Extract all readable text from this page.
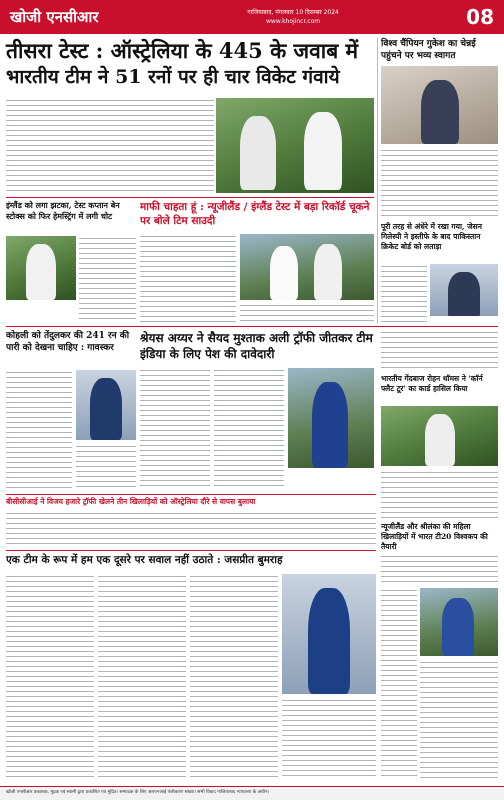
खोजी एनसीआर	गाजियाबाद, मंगलवार 10 दिसम्बर 2024
www.khojincr.com	08
तीसरा टेस्ट : ऑस्ट्रेलिया के 445 के जवाब में
भारतीय टीम ने 51 रनों पर ही चार विकेट गंवाये
विश्व चैंपियन गुकेश का चेन्नई पहुंचने पर भव्य स्वागत
पूरी तरह से अंधेरे में रखा गया, जेसन गिलेस्पी ने इस्तीफे के बाद पाकिस्तान क्रिकेट बोर्ड को लताड़ा
इंग्लैंड को लगा झटका, टेस्ट कप्तान बेन स्टोक्स को फिर हेमस्ट्रिंग में लगी चोट
माफी चाहता हूं : न्यूजीलैंड / इंग्लैंड टेस्ट में बड़ा रिकॉर्ड चूकने पर बोले टिम साउदी
कोहली को तेंदुलकर की 241 रन की पारी को देखना चाहिए : गावस्कर
श्रेयस अय्यर ने सैयद मुश्ताक अली ट्रॉफी जीतकर टीम इंडिया के लिए पेश की दावेदारी
भारतीय गेंदबाज रोहन थॉमस ने 'कॉर्न फ्लैट टूर' का कार्ड हासिल किया
बीसीसीआई ने विजय हजारे ट्रॉफी खेलने तीन खिलाड़ियों को ऑस्ट्रेलिया दौरे से वापस बुलाया
न्यूजीलैंड और श्रीलंका की महिला खिलाड़ियों में भारत टी20 विश्वकप की तैयारी
एक टीम के रूप में हम एक दूसरे पर सवाल नहीं उठाते : जसप्रीत बुमराह
खोजी एनसीआर प्रकाशक, मुद्रक एवं स्वामी द्वारा प्रकाशित एवं मुद्रित। सम्पादक के लिए आरएनआई पंजीकरण संख्या। सभी विवाद गाजियाबाद न्यायालय के अधीन।
